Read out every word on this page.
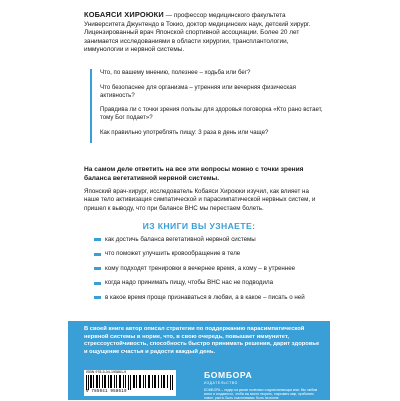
КОБАЯСИ ХИРОЮКИ — профессор медицинского факультета Университета Джунтендо в Токио, доктор медицинских наук, детский хирург. Лицензированный врач Японской спортивной ассоциации. Более 20 лет занимается исследованиями в области хирургии, трансплантологии, иммунологии и нервной системы.

Что, по вашему мнению, полезнее – ходьба или бег?

Что безопаснее для организма – утренняя или вечерняя физическая активность?

Правдива ли с точки зрения пользы для здоровья поговорка «Кто рано встает, тому Бог подает»?

Как правильно употреблять пищу: 3 раза в день или чаще?

На самом деле ответить на все эти вопросы можно с точки зрения баланса вегетативной нервной системы.
Японский врач-хирург, исследователь Кобаяси Хироюки изучил, как влияет на наше тело активизация симпатической и парасимпатической нервных систем, и пришел к выводу, что при балансе ВНС мы перестаем болеть.
ИЗ КНИГИ ВЫ УЗНАЕТЕ:
как достичь баланса вегетативной нервной системы
что поможет улучшить кровообращение в теле
кому подходят тренировки в вечернее время, а кому – в утреннее
когда надо принимать пищу, чтобы ВНС нас не подводила
в какое время проще признаваться в любви, а в какое – писать о ней
В своей книге автор описал стратегии по поддержанию парасимпатической нервной системы в норме, что, в свою очередь, повышает иммунитет, стрессоустойчивость, способность быстро принимать решения, дарит здоровье и ощущение счастья и радости каждый день.
ISBN 978-5-04-195861-9
9 785041 958619
БОМБОРА
ИЗДАТЕЛЬСТВО
БОМБОРА – лидер на рынке полезных и вдохновляющих книг. Мы любим книги и создаем их, чтобы вы могли творить, открывать мир, пробовать новое, расти. Быть счастливыми. Быть на волне.
